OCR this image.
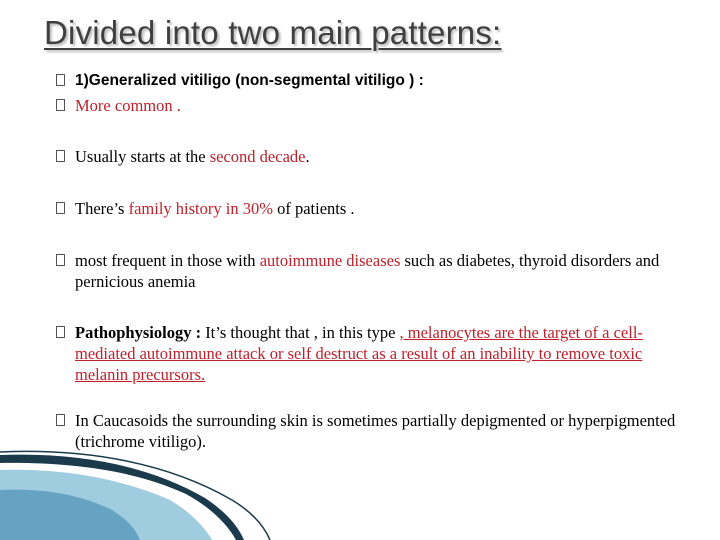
Divided into two main patterns:
1)Generalized vitiligo (non-segmental vitiligo ) :
More common .
Usually starts at the second decade.
There’s family history in 30% of patients .
most frequent in those with autoimmune diseases such as diabetes, thyroid disorders and pernicious anemia
Pathophysiology : It’s thought that , in this type , melanocytes are the target of a cell-mediated autoimmune attack or self destruct as a result of an inability to remove toxic melanin precursors.
In Caucasoids the surrounding skin is sometimes partially depigmented or hyperpigmented (trichrome vitiligo).
